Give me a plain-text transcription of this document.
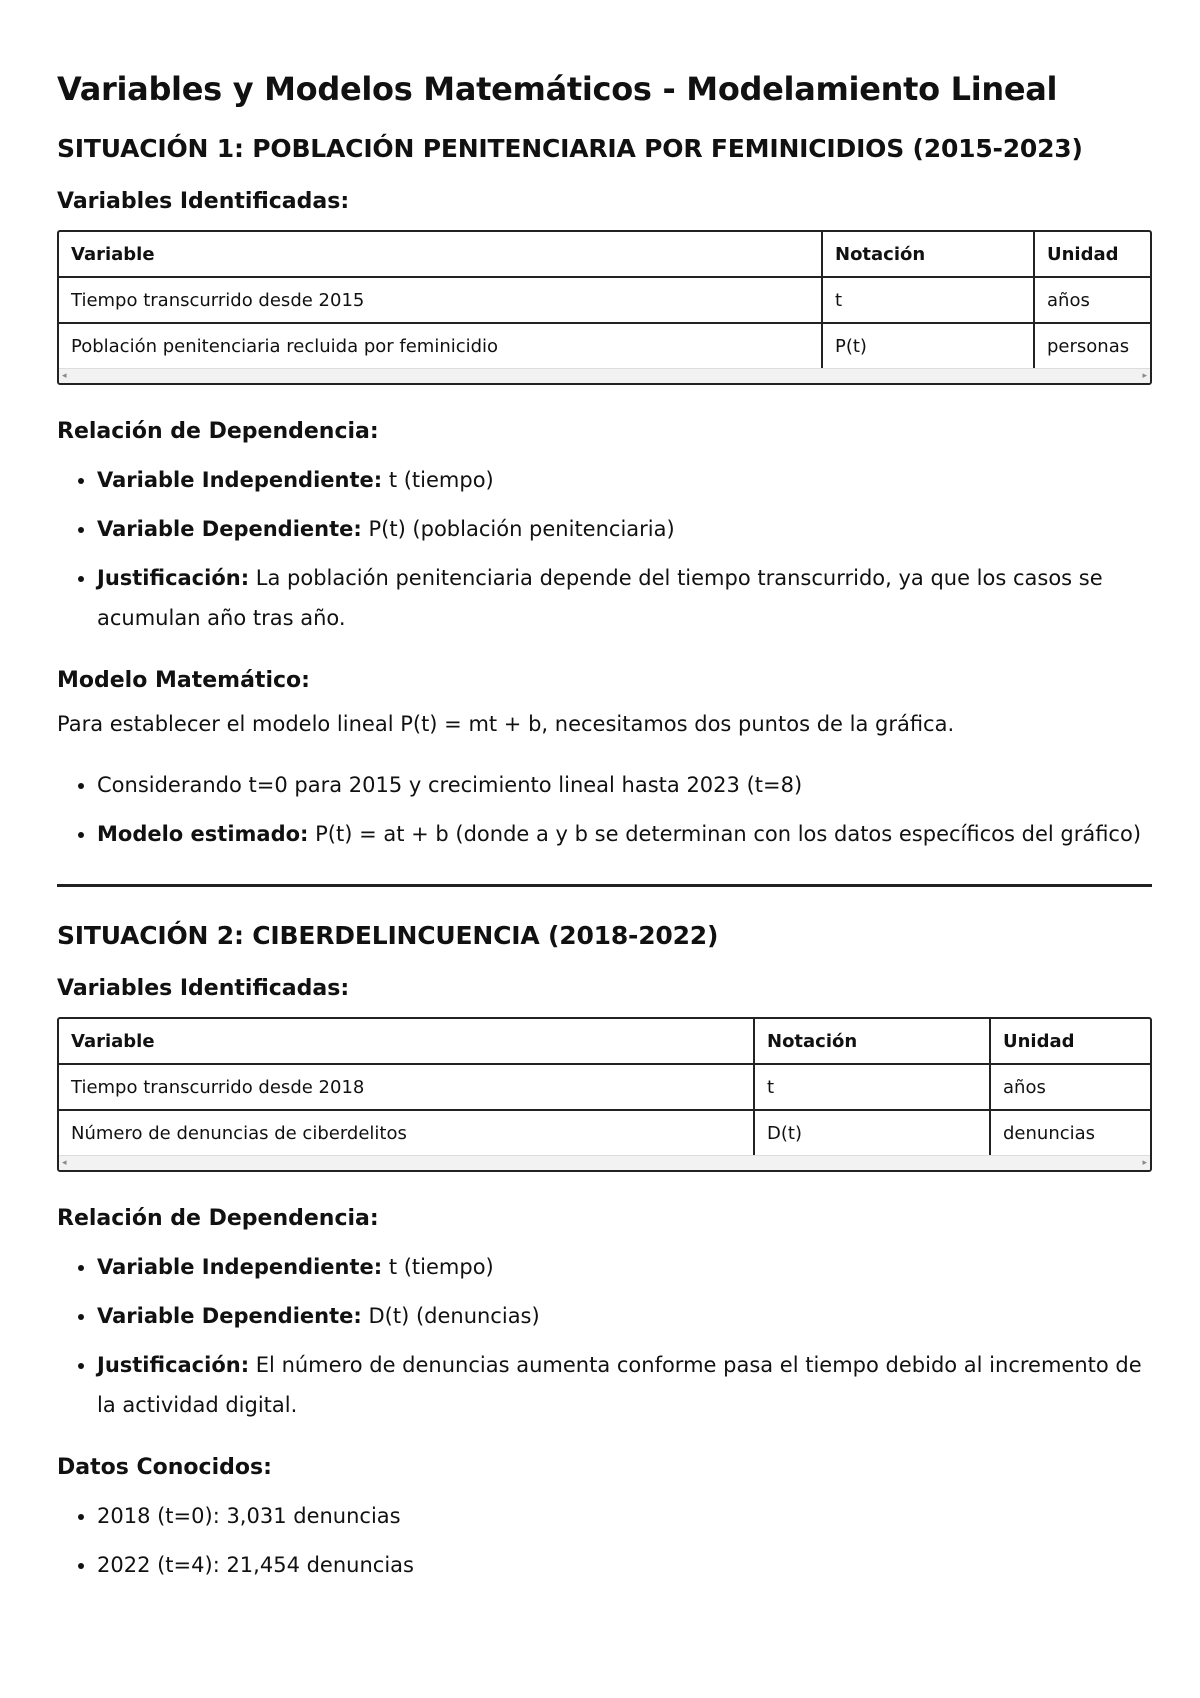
Variables y Modelos Matemáticos - Modelamiento Lineal
SITUACIÓN 1: POBLACIÓN PENITENCIARIA POR FEMINICIDIOS (2015-2023)
Variables Identificadas:
Variable	Notación	Unidad
Tiempo transcurrido desde 2015	t	años
Población penitenciaria recluida por feminicidio	P(t)	personas
◂	▸
Relación de Dependencia:
• Variable Independiente: t (tiempo)
• Variable Dependiente: P(t) (población penitenciaria)
• Justificación: La población penitenciaria depende del tiempo transcurrido, ya que los casos se acumulan año tras año.
Modelo Matemático:

Para establecer el modelo lineal P(t) = mt + b, necesitamos dos puntos de la gráfica.

• Considerando t=0 para 2015 y crecimiento lineal hasta 2023 (t=8)
• Modelo estimado: P(t) = at + b (donde a y b se determinan con los datos específicos del gráfico)
SITUACIÓN 2: CIBERDELINCUENCIA (2018-2022)
Variables Identificadas:
Variable	Notación	Unidad
Tiempo transcurrido desde 2018	t	años
Número de denuncias de ciberdelitos	D(t)	denuncias
◂	▸
Relación de Dependencia:
• Variable Independiente: t (tiempo)
• Variable Dependiente: D(t) (denuncias)
• Justificación: El número de denuncias aumenta conforme pasa el tiempo debido al incremento de la actividad digital.
Datos Conocidos:
• 2018 (t=0): 3,031 denuncias
• 2022 (t=4): 21,454 denuncias
